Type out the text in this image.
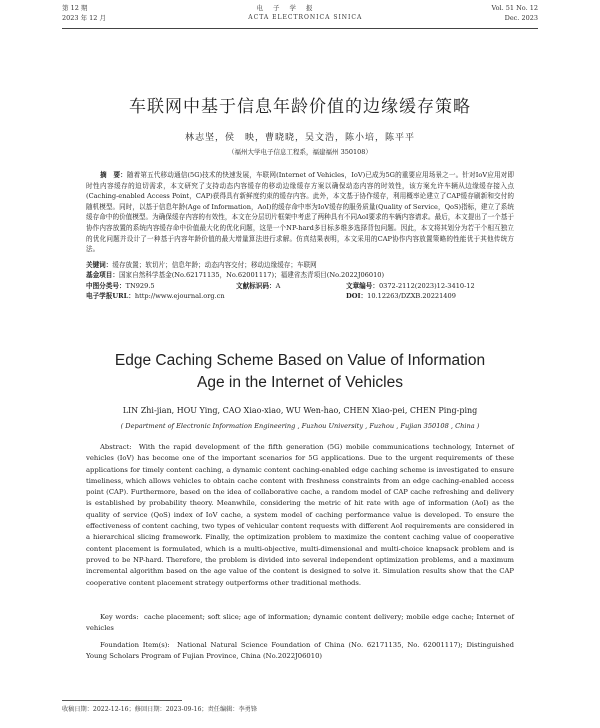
第 12 期	电子学报	Vol. 51 No. 12
2023 年 12 月	ACTA ELECTRONICA SINICA	Dec. 2023
车联网中基于信息年龄价值的边缘缓存策略
林志坚，侯　映，曹晓晓，吴文浩，陈小培，陈平平
（福州大学电子信息工程系，福建福州 350108）
摘　要：随着第五代移动通信(5G)技术的快速发展，车联网(Internet of Vehicles，IoV)已成为5G的重要应用场景之一。针对IoV应用对即时性内容缓存的迫切需求，本文研究了支持动态内容缓存的移动边缘缓存方案以确保动态内容的时效性，该方案允许车辆从边缘缓存接入点(Caching-enabled Access Point，CAP)获得具有新鲜度约束的缓存内容。此外，本文基于协作缓存，利用概率论建立了CAP缓存刷新和交付的随机模型。同时，以基于信息年龄(Age of Information，AoI)的缓存命中率为IoV缓存的服务质量(Quality of Service，QoS)指标，建立了系统缓存命中的价值模型。为确保缓存内容的有效性，本文在分层切片框架中考虑了两种具有不同AoI要求的车辆内容请求。最后，本文提出了一个基于协作内容放置的系统内容缓存命中价值最大化的优化问题，这是一个NP-hard多目标多维多选择背包问题。因此，本文将其划分为若干个相互独立的优化问题并设计了一种基于内容年龄价值的最大增量算法进行求解。仿真结果表明，本文采用的CAP协作内容放置策略的性能优于其他传统方法。
关键词：缓存放置；软切片；信息年龄；动态内容交付；移动边缘缓存；车联网
基金项目：国家自然科学基金(No.62171135，No.62001117)；福建省杰青项目(No.2022J06010)
中图分类号：TN929.5	文献标识码：A	文章编号：0372-2112(2023)12-3410-12
电子学报URL：http://www.ejournal.org.cn	DOI：10.12263/DZXB.20221409
Edge Caching Scheme Based on Value of Information
Age in the Internet of Vehicles
LIN Zhi-jian, HOU Ying, CAO Xiao-xiao, WU Wen-hao, CHEN Xiao-pei, CHEN Ping-ping
( Department of Electronic Information Engineering , Fuzhou University , Fuzhou , Fujian 350108 , China )
Abstract: With the rapid development of the fifth generation (5G) mobile communications technology, Internet of vehicles (IoV) has become one of the important scenarios for 5G applications. Due to the urgent requirements of these applications for timely content caching, a dynamic content caching-enabled edge caching scheme is investigated to ensure timeliness, which allows vehicles to obtain cache content with freshness constraints from an edge caching-enabled access point (CAP). Furthermore, based on the idea of collaborative cache, a random model of CAP cache refreshing and delivery is established by probability theory. Meanwhile, considering the metric of hit rate with age of information (AoI) as the quality of service (QoS) index of IoV cache, a system model of caching performance value is developed. To ensure the effectiveness of content caching, two types of vehicular content requests with different AoI requirements are considered in a hierarchical slicing framework. Finally, the optimization problem to maximize the content caching value of cooperative content placement is formulated, which is a multi-objective, multi-dimensional and multi-choice knapsack problem and is proved to be NP-hard. Therefore, the problem is divided into several independent optimization problems, and a maximum incremental algorithm based on the age value of the content is designed to solve it. Simulation results show that the CAP cooperative content placement strategy outperforms other traditional methods.
Key words: cache placement; soft slice; age of information; dynamic content delivery; mobile edge cache; Internet of vehicles
Foundation Item(s): National Natural Science Foundation of China (No. 62171135, No. 62001117); Distinguished Young Scholars Program of Fujian Province, China (No.2022J06010)
收稿日期：2022-12-16；修回日期：2023-09-16；责任编辑：李勇锋
